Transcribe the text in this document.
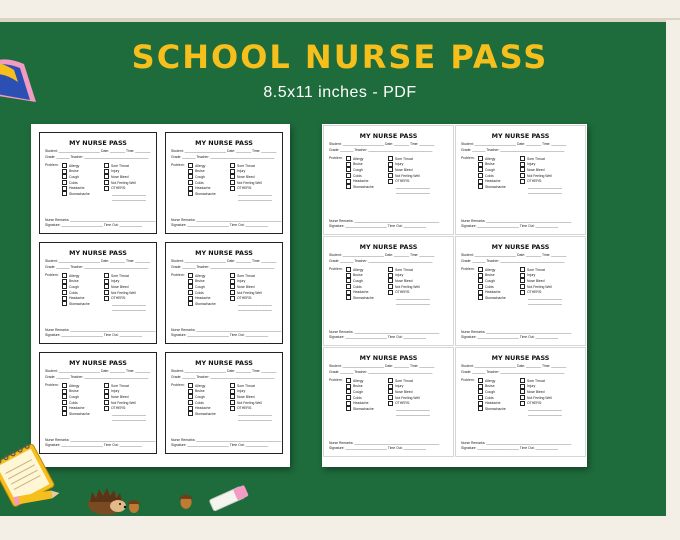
SCHOOL NURSE PASS
8.5x11 inches - PDF
MY NURSE PASS
Student: ______________________ Date: ________ Time: ________
Grade: _______ Teacher: __________________________________
Problem:	Allergy
Bruise
Cough
Colds
Headache
Stomachache
Sore Throat
Injury
Nose Bleed
Not Feeling Well
OTHERS:
____________________
____________________
Nurse Remarks: _____________________________________________
Signature: ______________________ Time Out: ____________
MY NURSE PASS
Student: ______________________ Date: ________ Time: ________
Grade: _______ Teacher: __________________________________
Problem:	Allergy
Bruise
Cough
Colds
Headache
Stomachache
Sore Throat
Injury
Nose Bleed
Not Feeling Well
OTHERS:
____________________
____________________
Nurse Remarks: _____________________________________________
Signature: ______________________ Time Out: ____________
MY NURSE PASS
Student: ______________________ Date: ________ Time: ________
Grade: _______ Teacher: __________________________________
Problem:	Allergy
Bruise
Cough
Colds
Headache
Stomachache
Sore Throat
Injury
Nose Bleed
Not Feeling Well
OTHERS:
____________________
____________________
Nurse Remarks: _____________________________________________
Signature: ______________________ Time Out: ____________
MY NURSE PASS
Student: ______________________ Date: ________ Time: ________
Grade: _______ Teacher: __________________________________
Problem:	Allergy
Bruise
Cough
Colds
Headache
Stomachache
Sore Throat
Injury
Nose Bleed
Not Feeling Well
OTHERS:
____________________
____________________
Nurse Remarks: _____________________________________________
Signature: ______________________ Time Out: ____________
MY NURSE PASS
Student: ______________________ Date: ________ Time: ________
Grade: _______ Teacher: __________________________________
Problem:	Allergy
Bruise
Cough
Colds
Headache
Stomachache
Sore Throat
Injury
Nose Bleed
Not Feeling Well
OTHERS:
____________________
____________________
Nurse Remarks: _____________________________________________
Signature: ______________________ Time Out: ____________
MY NURSE PASS
Student: ______________________ Date: ________ Time: ________
Grade: _______ Teacher: __________________________________
Problem:	Allergy
Bruise
Cough
Colds
Headache
Stomachache
Sore Throat
Injury
Nose Bleed
Not Feeling Well
OTHERS:
____________________
____________________
Nurse Remarks: _____________________________________________
Signature: ______________________ Time Out: ____________
MY NURSE PASS
Student: ______________________ Date: ________ Time: ________
Grade: _______ Teacher: __________________________________
Problem:	Allergy
Bruise
Cough
Colds
Headache
Stomachache
Sore Throat
Injury
Nose Bleed
Not Feeling Well
OTHERS:
____________________
____________________
Nurse Remarks: _____________________________________________
Signature: ______________________ Time Out: ____________
MY NURSE PASS
Student: ______________________ Date: ________ Time: ________
Grade: _______ Teacher: __________________________________
Problem:	Allergy
Bruise
Cough
Colds
Headache
Stomachache
Sore Throat
Injury
Nose Bleed
Not Feeling Well
OTHERS:
____________________
____________________
Nurse Remarks: _____________________________________________
Signature: ______________________ Time Out: ____________
MY NURSE PASS
Student: ______________________ Date: ________ Time: ________
Grade: _______ Teacher: __________________________________
Problem:	Allergy
Bruise
Cough
Colds
Headache
Stomachache
Sore Throat
Injury
Nose Bleed
Not Feeling Well
OTHERS:
____________________
____________________
Nurse Remarks: _____________________________________________
Signature: ______________________ Time Out: ____________
MY NURSE PASS
Student: ______________________ Date: ________ Time: ________
Grade: _______ Teacher: __________________________________
Problem:	Allergy
Bruise
Cough
Colds
Headache
Stomachache
Sore Throat
Injury
Nose Bleed
Not Feeling Well
OTHERS:
____________________
____________________
Nurse Remarks: _____________________________________________
Signature: ______________________ Time Out: ____________
MY NURSE PASS
Student: ______________________ Date: ________ Time: ________
Grade: _______ Teacher: __________________________________
Problem:	Allergy
Bruise
Cough
Colds
Headache
Stomachache
Sore Throat
Injury
Nose Bleed
Not Feeling Well
OTHERS:
____________________
____________________
Nurse Remarks: _____________________________________________
Signature: ______________________ Time Out: ____________
MY NURSE PASS
Student: ______________________ Date: ________ Time: ________
Grade: _______ Teacher: __________________________________
Problem:	Allergy
Bruise
Cough
Colds
Headache
Stomachache
Sore Throat
Injury
Nose Bleed
Not Feeling Well
OTHERS:
____________________
____________________
Nurse Remarks: _____________________________________________
Signature: ______________________ Time Out: ____________
